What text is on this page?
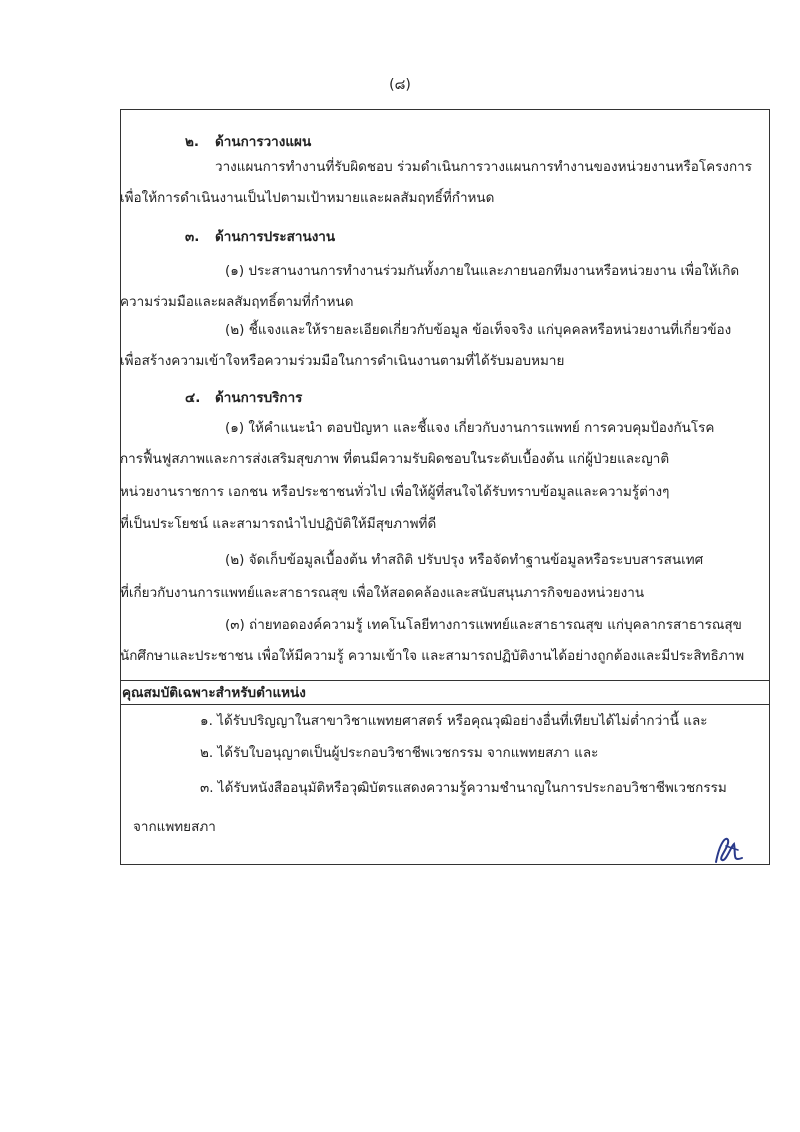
(๘)
๒. ด้านการวางแผน
วางแผนการทำงานที่รับผิดชอบ ร่วมดำเนินการวางแผนการทำงานของหน่วยงานหรือโครงการ
เพื่อให้การดำเนินงานเป็นไปตามเป้าหมายและผลสัมฤทธิ์ที่กำหนด
๓. ด้านการประสานงาน
(๑) ประสานงานการทำงานร่วมกันทั้งภายในและภายนอกทีมงานหรือหน่วยงาน เพื่อให้เกิด
ความร่วมมือและผลสัมฤทธิ์ตามที่กำหนด
(๒) ชี้แจงและให้รายละเอียดเกี่ยวกับข้อมูล ข้อเท็จจริง แก่บุคคลหรือหน่วยงานที่เกี่ยวข้อง
เพื่อสร้างความเข้าใจหรือความร่วมมือในการดำเนินงานตามที่ได้รับมอบหมาย
๔. ด้านการบริการ
(๑) ให้คำแนะนำ ตอบปัญหา และชี้แจง เกี่ยวกับงานการแพทย์ การควบคุมป้องกันโรค
การฟื้นฟูสภาพและการส่งเสริมสุขภาพ ที่ตนมีความรับผิดชอบในระดับเบื้องต้น แก่ผู้ป่วยและญาติ
หน่วยงานราชการ เอกชน หรือประชาชนทั่วไป เพื่อให้ผู้ที่สนใจได้รับทราบข้อมูลและความรู้ต่างๆ
ที่เป็นประโยชน์ และสามารถนำไปปฏิบัติให้มีสุขภาพที่ดี
(๒) จัดเก็บข้อมูลเบื้องต้น ทำสถิติ ปรับปรุง หรือจัดทำฐานข้อมูลหรือระบบสารสนเทศ
ที่เกี่ยวกับงานการแพทย์และสาธารณสุข เพื่อให้สอดคล้องและสนับสนุนภารกิจของหน่วยงาน
(๓) ถ่ายทอดองค์ความรู้ เทคโนโลยีทางการแพทย์และสาธารณสุข แก่บุคลากรสาธารณสุข
นักศึกษาและประชาชน เพื่อให้มีความรู้ ความเข้าใจ และสามารถปฏิบัติงานได้อย่างถูกต้องและมีประสิทธิภาพ
คุณสมบัติเฉพาะสำหรับตำแหน่ง
๑. ได้รับปริญญาในสาขาวิชาแพทยศาสตร์ หรือคุณวุฒิอย่างอื่นที่เทียบได้ไม่ต่ำกว่านี้ และ
๒. ได้รับใบอนุญาตเป็นผู้ประกอบวิชาชีพเวชกรรม จากแพทยสภา และ
๓. ได้รับหนังสืออนุมัติหรือวุฒิบัตรแสดงความรู้ความชำนาญในการประกอบวิชาชีพเวชกรรม
จากแพทยสภา
